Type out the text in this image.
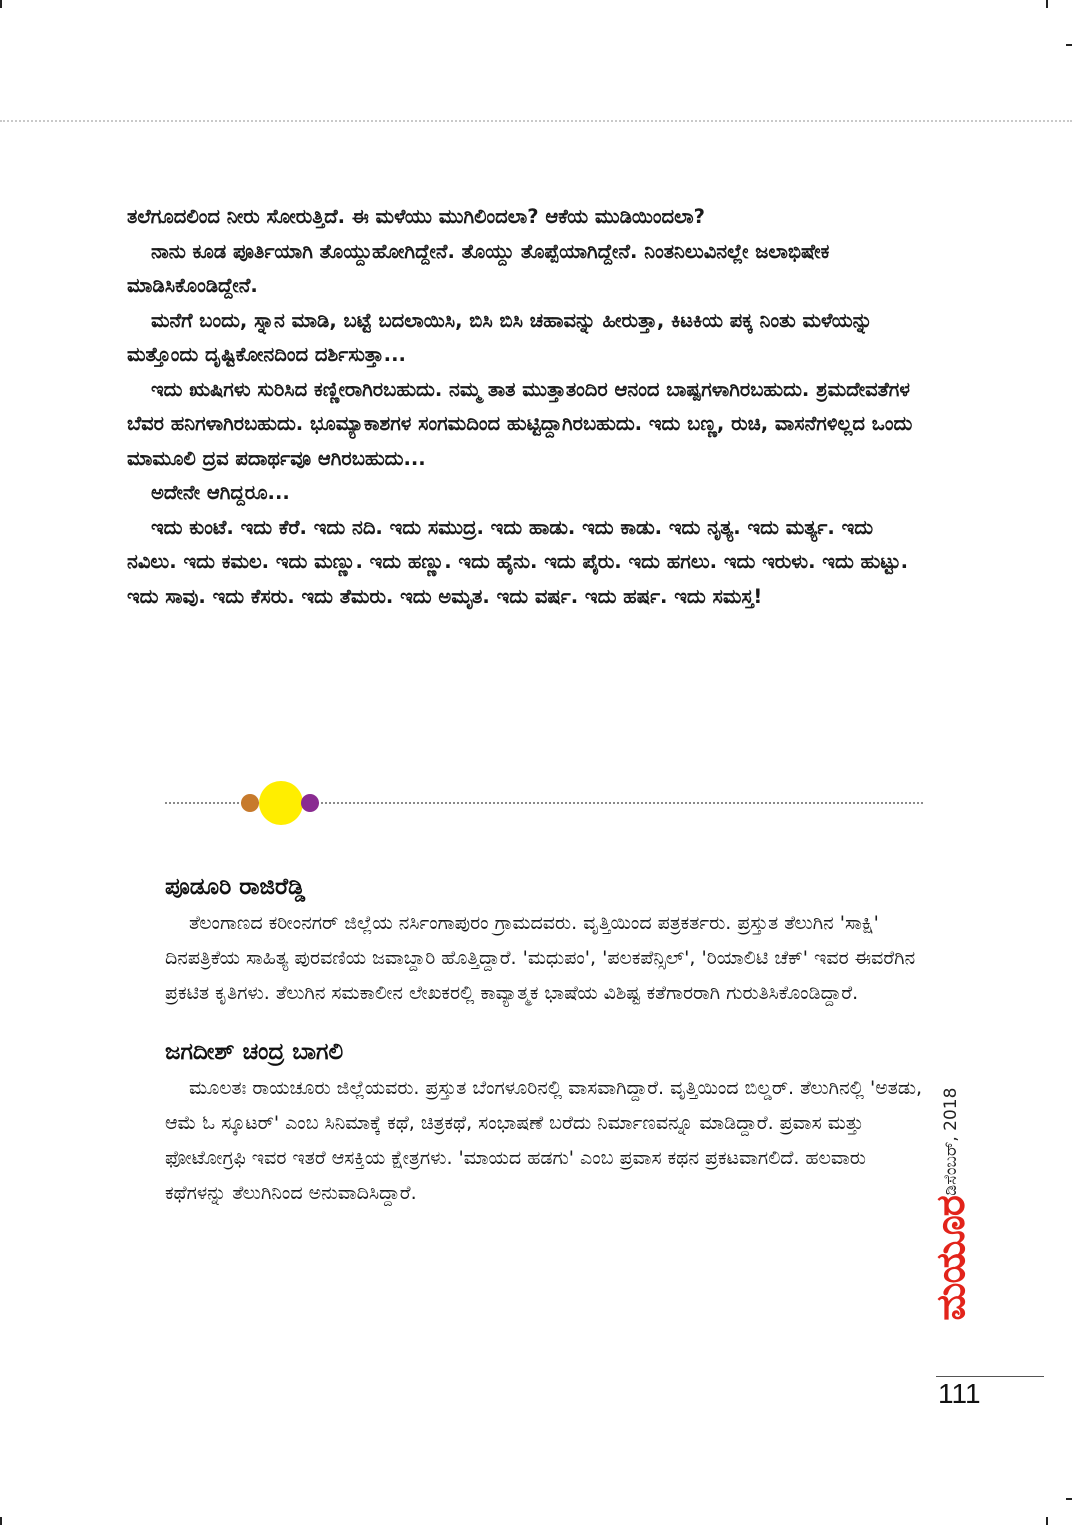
ತಲೆಗೂದಲಿಂದ ನೀರು ಸೋರುತ್ತಿದೆ. ಈ ಮಳೆಯು ಮುಗಿಲಿಂದಲಾ? ಆಕೆಯ ಮುಡಿಯಿಂದಲಾ?

ನಾನು ಕೂಡ ಪೂರ್ತಿಯಾಗಿ ತೊಯ್ದುಹೋಗಿದ್ದೇನೆ. ತೊಯ್ದು ತೊಪ್ಪೆಯಾಗಿದ್ದೇನೆ. ನಿಂತನಿಲುವಿನಲ್ಲೇ ಜಲಾಭಿಷೇಕ ಮಾಡಿಸಿಕೊಂಡಿದ್ದೇನೆ.

ಮನೆಗೆ ಬಂದು, ಸ್ನಾನ ಮಾಡಿ, ಬಟ್ಟೆ ಬದಲಾಯಿಸಿ, ಬಿಸಿ ಬಿಸಿ ಚಹಾವನ್ನು ಹೀರುತ್ತಾ, ಕಿಟಕಿಯ ಪಕ್ಕ ನಿಂತು ಮಳೆಯನ್ನು ಮತ್ತೊಂದು ದೃಷ್ಟಿಕೋನದಿಂದ ದರ್ಶಿಸುತ್ತಾ...

ಇದು ಋಷಿಗಳು ಸುರಿಸಿದ ಕಣ್ಣೀರಾಗಿರಬಹುದು. ನಮ್ಮ ತಾತ ಮುತ್ತಾತಂದಿರ ಆನಂದ ಬಾಷ್ಪಗಳಾಗಿರಬಹುದು. ಶ್ರಮದೇವತೆಗಳ ಬೆವರ ಹನಿಗಳಾಗಿರಬಹುದು. ಭೂಮ್ಯಾಕಾಶಗಳ ಸಂಗಮದಿಂದ ಹುಟ್ಟಿದ್ದಾಗಿರಬಹುದು. ಇದು ಬಣ್ಣ, ರುಚಿ, ವಾಸನೆಗಳಿಲ್ಲದ ಒಂದು ಮಾಮೂಲಿ ದ್ರವ ಪದಾರ್ಥವೂ ಆಗಿರಬಹುದು...

ಅದೇನೇ ಆಗಿದ್ದರೂ...

ಇದು ಕುಂಟೆ. ಇದು ಕೆರೆ. ಇದು ನದಿ. ಇದು ಸಮುದ್ರ. ಇದು ಹಾಡು. ಇದು ಕಾಡು. ಇದು ನೃತ್ಯ. ಇದು ಮರ್ತ್ಯ. ಇದು ನವಿಲು. ಇದು ಕಮಲ. ಇದು ಮಣ್ಣು. ಇದು ಹಣ್ಣು. ಇದು ಹೈನು. ಇದು ಪೈರು. ಇದು ಹಗಲು. ಇದು ಇರುಳು. ಇದು ಹುಟ್ಟು. ಇದು ಸಾವು. ಇದು ಕೆಸರು. ಇದು ತೆಮರು. ಇದು ಅಮೃತ. ಇದು ವರ್ಷ. ಇದು ಹರ್ಷ. ಇದು ಸಮಸ್ತ!

ಪೂಡೂರಿ ರಾಜಿರೆಡ್ಡಿ

ತೆಲಂಗಾಣದ ಕರೀಂನಗರ್ ಜಿಲ್ಲೆಯ ನರ್ಸಿಂಗಾಪುರಂ ಗ್ರಾಮದವರು. ವೃತ್ತಿಯಿಂದ ಪತ್ರಕರ್ತರು. ಪ್ರಸ್ತುತ ತೆಲುಗಿನ 'ಸಾಕ್ಷಿ' ದಿನಪತ್ರಿಕೆಯ ಸಾಹಿತ್ಯ ಪುರವಣಿಯ ಜವಾಬ್ದಾರಿ ಹೊತ್ತಿದ್ದಾರೆ. 'ಮಧುಪಂ', 'ಪಲಕಪೆನ್ಸಿಲ್', 'ರಿಯಾಲಿಟಿ ಚೆಕ್' ಇವರ ಈವರೆಗಿನ ಪ್ರಕಟಿತ ಕೃತಿಗಳು. ತೆಲುಗಿನ ಸಮಕಾಲೀನ ಲೇಖಕರಲ್ಲಿ ಕಾವ್ಯಾತ್ಮಕ ಭಾಷೆಯ ವಿಶಿಷ್ಟ ಕತೆಗಾರರಾಗಿ ಗುರುತಿಸಿಕೊಂಡಿದ್ದಾರೆ.

ಜಗದೀಶ್ ಚಂದ್ರ ಬಾಗಲಿ

ಮೂಲತಃ ರಾಯಚೂರು ಜಿಲ್ಲೆಯವರು. ಪ್ರಸ್ತುತ ಬೆಂಗಳೂರಿನಲ್ಲಿ ವಾಸವಾಗಿದ್ದಾರೆ. ವೃತ್ತಿಯಿಂದ ಬಿಲ್ಡರ್. ತೆಲುಗಿನಲ್ಲಿ 'ಅತಡು, ಆಮೆ ಓ ಸ್ಕೂಟರ್' ಎಂಬ ಸಿನಿಮಾಕ್ಕೆ ಕಥೆ, ಚಿತ್ರಕಥೆ, ಸಂಭಾಷಣೆ ಬರೆದು ನಿರ್ಮಾಣವನ್ನೂ ಮಾಡಿದ್ದಾರೆ. ಪ್ರವಾಸ ಮತ್ತು ಫೋಟೋಗ್ರಫಿ ಇವರ ಇತರೆ ಆಸಕ್ತಿಯ ಕ್ಷೇತ್ರಗಳು. 'ಮಾಯದ ಹಡಗು' ಎಂಬ ಪ್ರವಾಸ ಕಥನ ಪ್ರಕಟವಾಗಲಿದೆ. ಹಲವಾರು ಕಥೆಗಳನ್ನು ತೆಲುಗಿನಿಂದ ಅನುವಾದಿಸಿದ್ದಾರೆ.

ಮಯೂರ
ಡಿಸೆಂಬರ್, 2018
111
